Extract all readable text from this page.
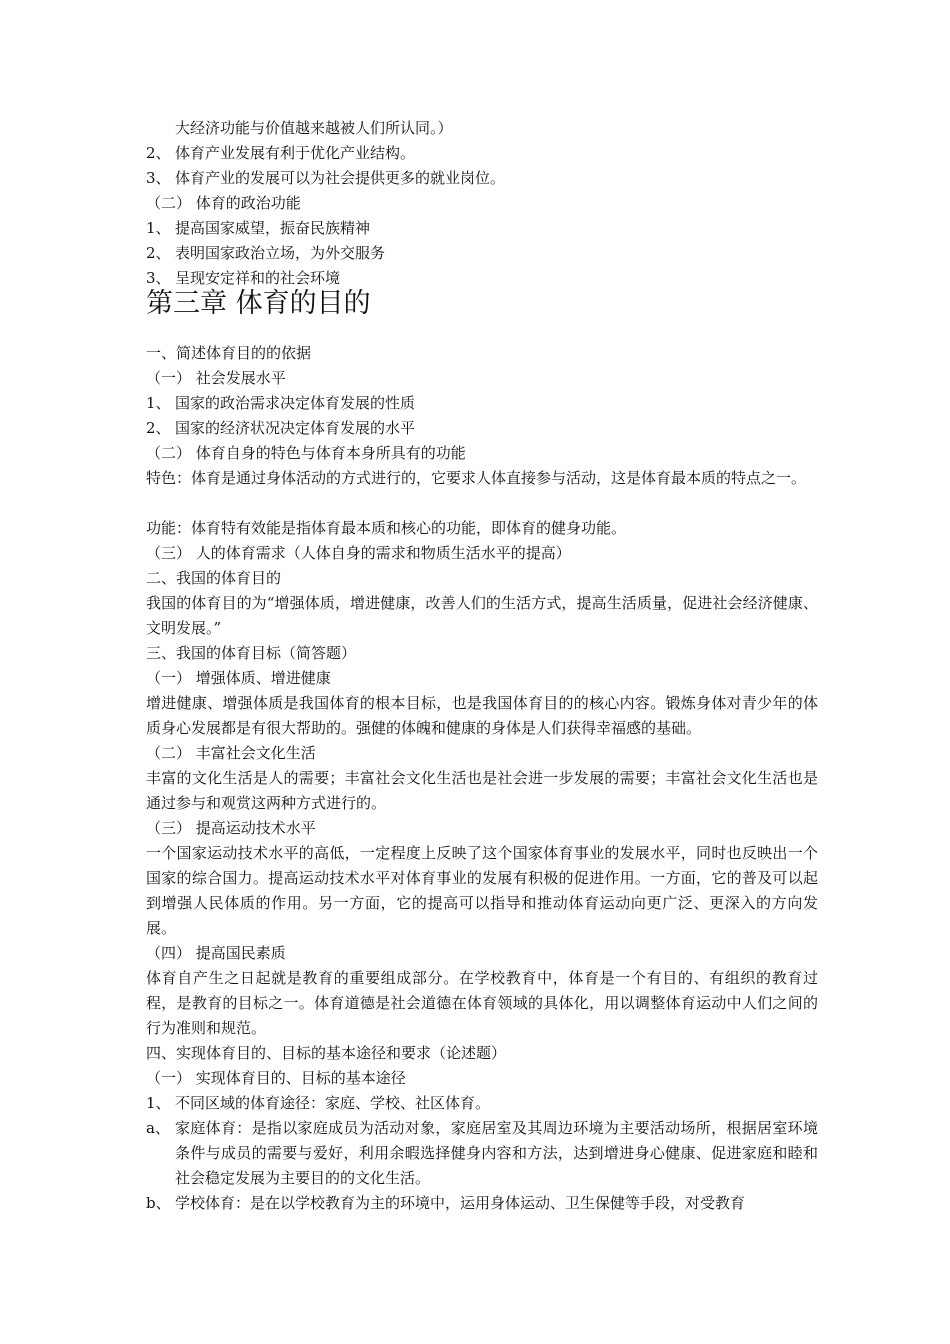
大经济功能与价值越来越被人们所认同。）
2、 体育产业发展有利于优化产业结构。
3、 体育产业的发展可以为社会提供更多的就业岗位。
（二） 体育的政治功能
1、 提高国家威望，振奋民族精神
2、 表明国家政治立场，为外交服务
3、 呈现安定祥和的社会环境
第三章 体育的目的
一、简述体育目的的依据
（一） 社会发展水平
1、 国家的政治需求决定体育发展的性质
2、 国家的经济状况决定体育发展的水平
（二） 体育自身的特色与体育本身所具有的功能
特色：体育是通过身体活动的方式进行的，它要求人体直接参与活动，这是体育最本质的特点之一。
功能：体育特有效能是指体育最本质和核心的功能，即体育的健身功能。
（三） 人的体育需求（人体自身的需求和物质生活水平的提高）
二、我国的体育目的
我国的体育目的为“增强体质，增进健康，改善人们的生活方式，提高生活质量，促进社会经济健康、文明发展。”
三、我国的体育目标（简答题）
（一） 增强体质、增进健康
增进健康、增强体质是我国体育的根本目标，也是我国体育目的的核心内容。锻炼身体对青少年的体质身心发展都是有很大帮助的。强健的体魄和健康的身体是人们获得幸福感的基础。
（二） 丰富社会文化生活
丰富的文化生活是人的需要；丰富社会文化生活也是社会进一步发展的需要；丰富社会文化生活也是通过参与和观赏这两种方式进行的。
（三） 提高运动技术水平
一个国家运动技术水平的高低，一定程度上反映了这个国家体育事业的发展水平，同时也反映出一个国家的综合国力。提高运动技术水平对体育事业的发展有积极的促进作用。一方面，它的普及可以起到增强人民体质的作用。另一方面，它的提高可以指导和推动体育运动向更广泛、更深入的方向发展。
（四） 提高国民素质
体育自产生之日起就是教育的重要组成部分。在学校教育中，体育是一个有目的、有组织的教育过程，是教育的目标之一。体育道德是社会道德在体育领域的具体化，用以调整体育运动中人们之间的行为准则和规范。
四、实现体育目的、目标的基本途径和要求（论述题）
（一） 实现体育目的、目标的基本途径
1、 不同区域的体育途径：家庭、学校、社区体育。
a、 家庭体育：是指以家庭成员为活动对象，家庭居室及其周边环境为主要活动场所，根据居室环境条件与成员的需要与爱好，利用余暇选择健身内容和方法，达到增进身心健康、促进家庭和睦和社会稳定发展为主要目的的文化生活。
b、 学校体育：是在以学校教育为主的环境中，运用身体运动、卫生保健等手段，对受教育
